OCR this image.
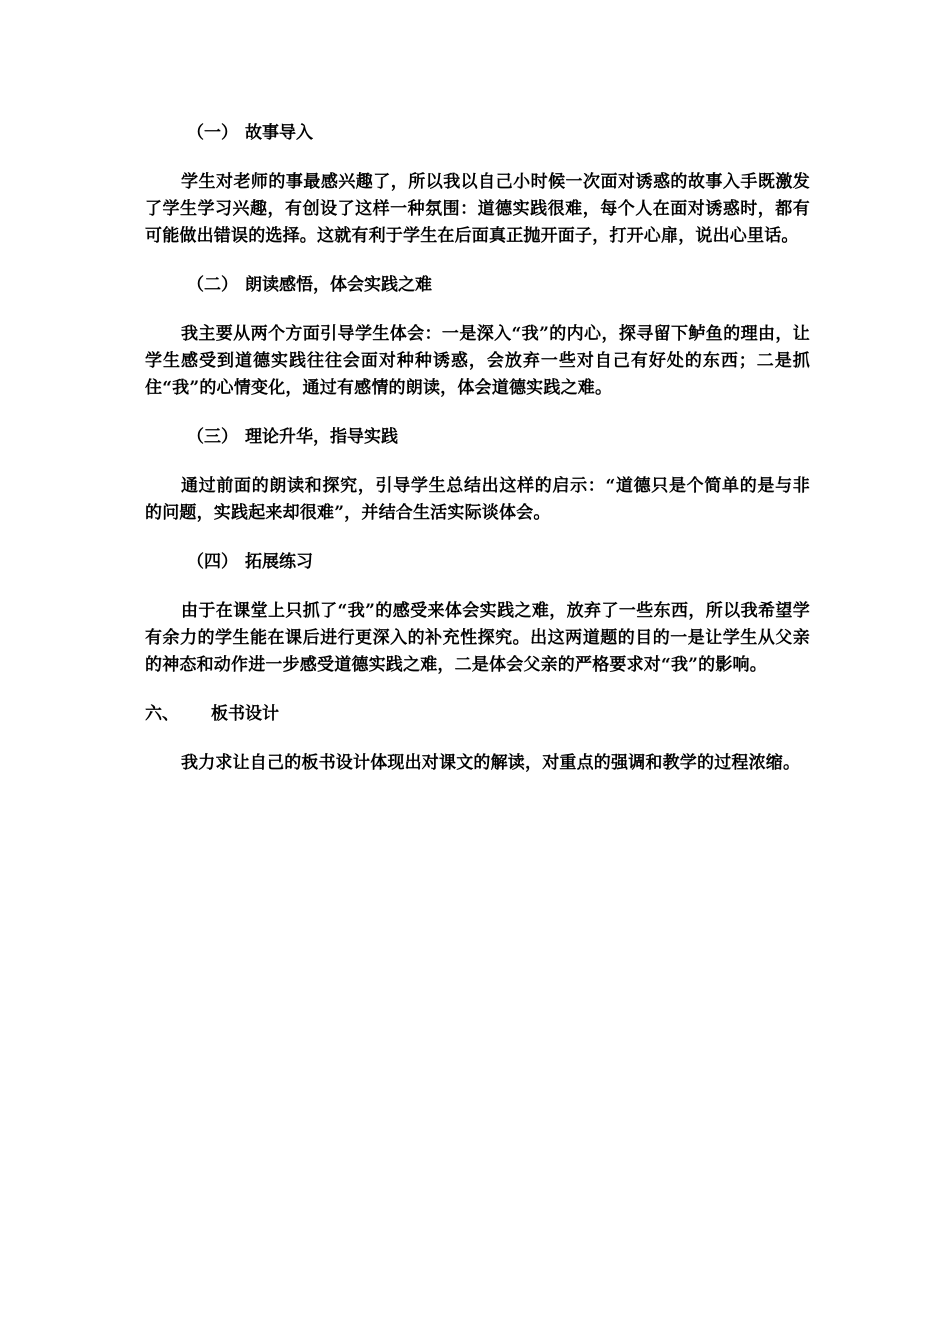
（一） 故事导入

学生对老师的事最感兴趣了，所以我以自己小时候一次面对诱惑的故事入手既激发了学生学习兴趣，有创设了这样一种氛围：道德实践很难，每个人在面对诱惑时，都有可能做出错误的选择。这就有利于学生在后面真正抛开面子，打开心扉，说出心里话。

（二） 朗读感悟，体会实践之难

我主要从两个方面引导学生体会：一是深入“我”的内心，探寻留下鲈鱼的理由，让学生感受到道德实践往往会面对种种诱惑，会放弃一些对自己有好处的东西；二是抓住“我”的心情变化，通过有感情的朗读，体会道德实践之难。

（三） 理论升华，指导实践

通过前面的朗读和探究，引导学生总结出这样的启示：“道德只是个简单的是与非的问题，实践起来却很难”，并结合生活实际谈体会。

（四） 拓展练习

由于在课堂上只抓了“我”的感受来体会实践之难，放弃了一些东西，所以我希望学有余力的学生能在课后进行更深入的补充性探究。出这两道题的目的一是让学生从父亲的神态和动作进一步感受道德实践之难，二是体会父亲的严格要求对“我”的影响。

六、 板书设计

我力求让自己的板书设计体现出对课文的解读，对重点的强调和教学的过程浓缩。
